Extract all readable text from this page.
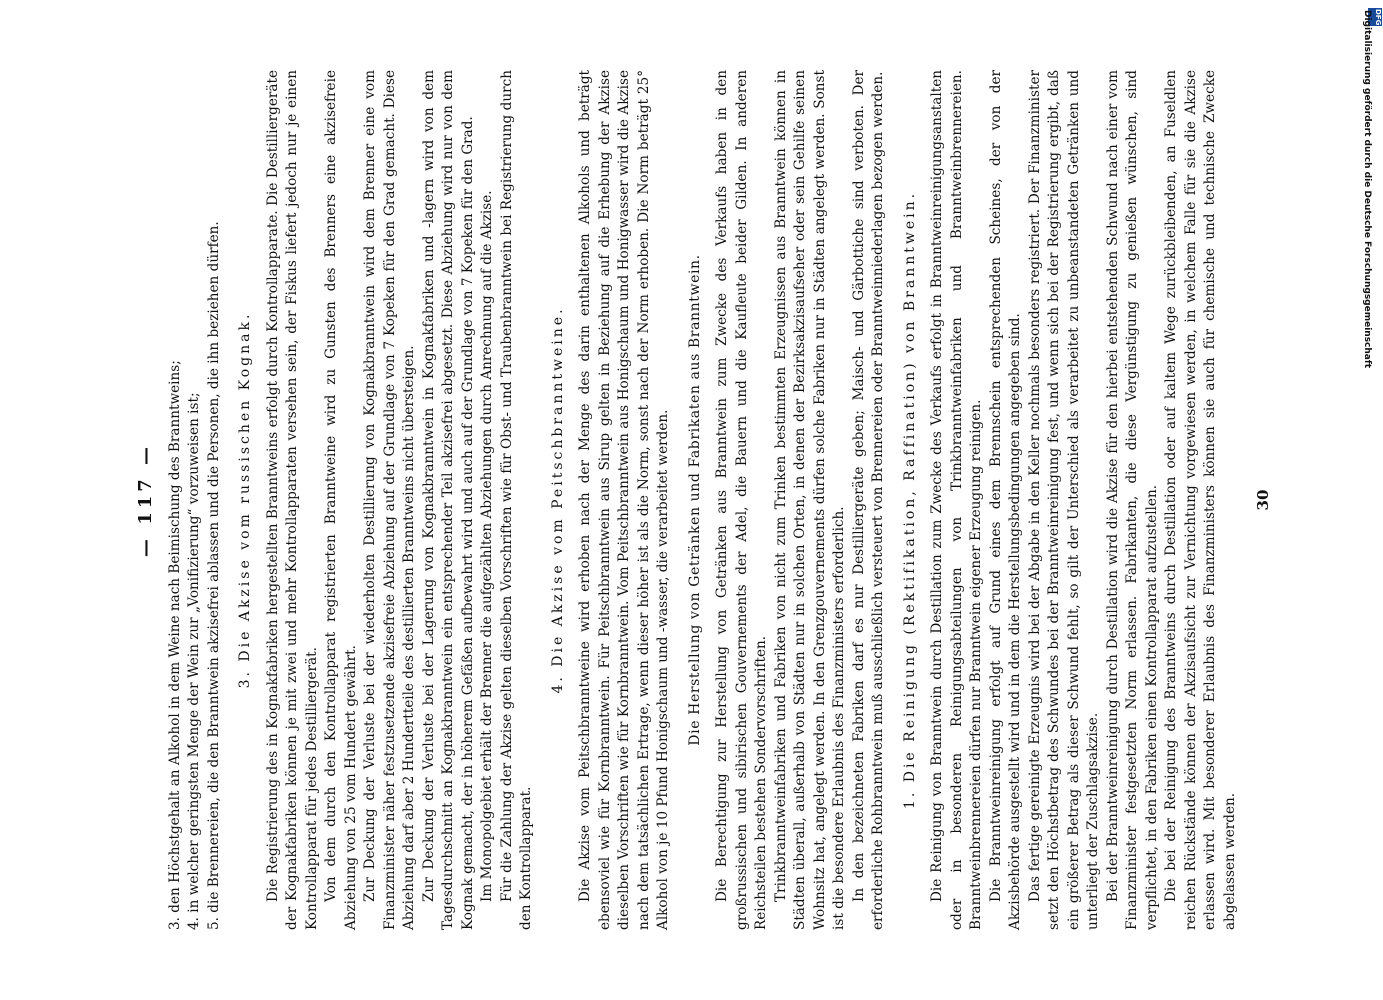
DFG
Digitalisierung gefördert durch die Deutsche Forschungsgemeinschaft
— 117 — 3. den Höchstgehalt an Alkohol in dem Weine nach Beimischung des Branntweins; 4. in welcher geringsten Menge der Wein zur „Vonifizierung“ vorzuweisen ist; 5. die Brennereien, die den Branntwein akzisefrei ablassen und die Personen, die ihn beziehen dürfen. 3. Die Akzise vom russischen Kognak. Die Registrierung des in Kognakfabriken hergestellten Branntweins erfolgt durch Kontrollapparate. Die Destilliergeräte der Kognakfabriken können je mit zwei und mehr Kontrollapparaten versehen sein, der Fiskus liefert jedoch nur je einen Kontrollapparat für jedes Destilliergerät. Von dem durch den Kontrollapparat registrierten Branntweine wird zu Gunsten des Brenners eine akzisefreie Abziehung von 25 vom Hundert gewährt. Zur Deckung der Verluste bei der wiederholten Destillierung von Kognakbranntwein wird dem Brenner eine vom Finanzminister näher festzusetzende akzisefreie Abziehung auf der Grundlage von 7 Kopeken für den Grad gemacht. Diese Abziehung darf aber 2 Hundertteile des destillierten Branntweins nicht übersteigen. Zur Deckung der Verluste bei der Lagerung von Kognakbranntwein in Kognakfabriken und -lagern wird von dem Tagesdurchschnitt an Kognakbranntwein ein entsprechender Teil akzisefrei abgesetzt. Diese Abziehung wird nur von dem Kognak gemacht, der in höherem Gefäßen aufbewahrt wird und auch auf der Grundlage von 7 Kopeken für den Grad. Im Monopolgebiet erhält der Brenner die aufgezählten Abziehungen durch Anrechnung auf die Akzise. Für die Zahlung der Akzise gelten dieselben Vorschriften wie für Obst- und Traubenbranntwein bei Registrierung durch den Kontrollapparat.

4. Die Akzise vom Peitschbranntweine. Die Akzise vom Peitschbranntweine wird erhoben nach der Menge des darin enthaltenen Alkohols und beträgt ebensoviel wie für Kornbranntwein. Für Peitschbranntwein aus Sirup gelten in Beziehung auf die Erhebung der Akzise dieselben Vorschriften wie für Kornbranntwein. Vom Peitschbranntwein aus Honigschaum und Honigwasser wird die Akzise nach dem tatsächlichen Ertrage, wenn dieser höher ist als die Norm, sonst nach der Norm erhoben. Die Norm beträgt 25° Alkohol von je 10 Pfund Honigschaum und -wasser, die verarbeitet werden. Die Herstellung von Getränken und Fabrikaten aus Branntwein. Die Berechtigung zur Herstellung von Getränken aus Branntwein zum Zwecke des Verkaufs haben in den großrussischen und sibirischen Gouvernements der Adel, die Bauern und die Kaufleute beider Gilden. In anderen Reichsteilen bestehen Sondervorschriften. Trinkbranntweinfabriken und Fabriken von nicht zum Trinken bestimmten Erzeugnissen aus Branntwein können in Städten überall, außerhalb von Städten nur in solchen Orten, in denen der Bezirksakzisaufseher oder sein Gehilfe seinen Wohnsitz hat, angelegt werden. In den Grenzgouvernements dürfen solche Fabriken nur in Städten angelegt werden. Sonst ist die besondere Erlaubnis des Finanzministers erforderlich. In den bezeichneten Fabriken darf es nur Destilliergeräte geben; Maisch- und Gärbottiche sind verboten. Der erforderliche Rohbranntwein muß ausschließlich versteuert von Brennereien oder Branntweinniederlagen bezogen werden. 1. Die Reinigung (Rektifikation, Raffination) von Branntwein. Die Reinigung von Branntwein durch Destillation zum Zwecke des Verkaufs erfolgt in Branntweinreinigungsanstalten oder in besonderen Reinigungsabteilungen von Trinkbranntweinfabriken und Branntweinbrennereien. Branntweinbrennereien dürfen nur Branntwein eigener Erzeugung reinigen. Die Branntweinreinigung erfolgt auf Grund eines dem Brennschein entsprechenden Scheines, der von der Akzisbehörde ausgestellt wird und in dem die Herstellungsbedingungen angegeben sind. Das fertige gereinigte Erzeugnis wird bei der Abgabe in den Keller nochmals besonders registriert. Der Finanzminister setzt den Höchstbetrag des Schwundes bei der Branntweinreinigung fest, und wenn sich bei der Registrierung ergibt, daß ein größerer Betrag als dieser Schwund fehlt, so gilt der Unterschied als verarbeitet zu unbeanstandeten Getränken und unterliegt der Zuschlagsakzise. Bei der Branntweinreinigung durch Destillation wird die Akzise für den hierbei entstehenden Schwund nach einer vom Finanzminister festgesetzten Norm erlassen. Fabrikanten, die diese Vergünstigung zu genießen wünschen, sind verpflichtet, in den Fabriken einen Kontrollapparat aufzustellen. Die bei der Reinigung des Branntweins durch Destillation oder auf kaltem Wege zurückbleibenden, an Fuseldlen reichen Rückstände können der Akzisaufsicht zur Vernichtung vorgewiesen werden, in welchem Falle für sie die Akzise erlassen wird. Mit besonderer Erlaubnis des Finanzministers können sie auch für chemische und technische Zwecke abgelassen werden.

30
